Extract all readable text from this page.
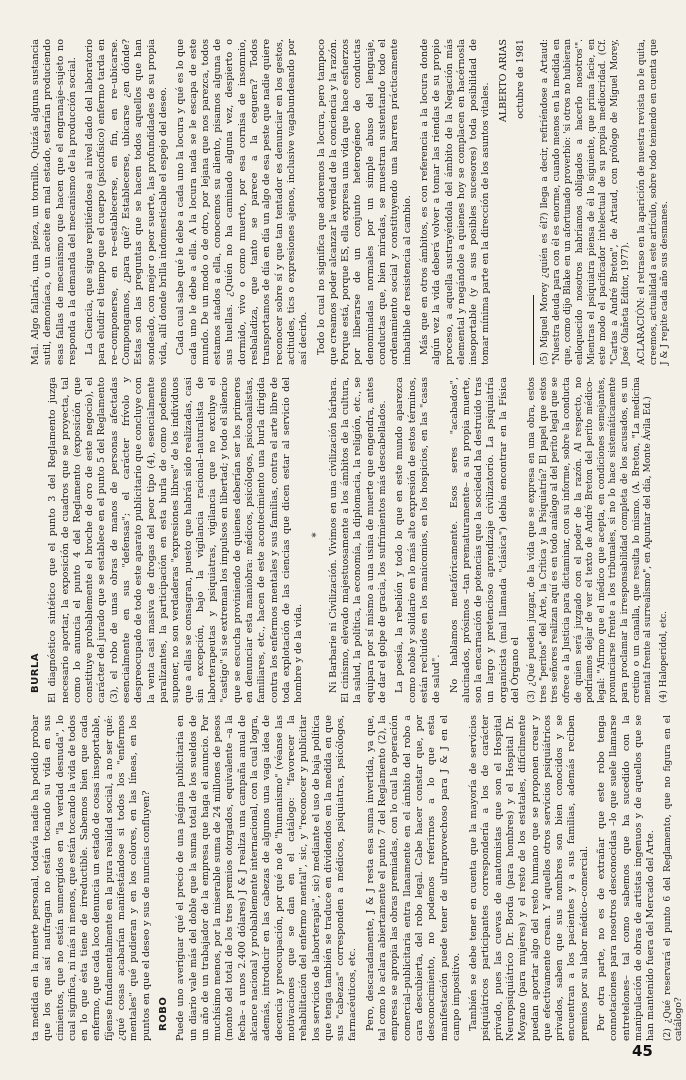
ta medida en la muerte personal, todavía nadie ha podido probar que los que así naufragan no están tocando su vida en sus cimientos, que no están sumergidos en "la verdad desnuda", lo cual significa, ni más ni menos, que están tocando la vida de todos en lo que ésta tiene de irreductible. Sabemos bien que cada enfermo, que cada loco denuncia un estado de cosas insoportable, fíjense fundamentalmente en la pura realidad social, a no ser qué: ¿qué cosas acabarían manifestándose si todos los "enfermos mentales" qué pudieran y en los colores, en las líneas, en los puntos en que el deseo y sus de nuncias confluyen? ROBO Puede uno averiguar qué el precio de una página publicitaria en un diario vale más del doble que la suma total de los sueldos de un año de un trabajador de la empresa que haga el anuncio. Por muchísimo menos, por la miserable suma de 24 millones de pesos (monto del total de los tres premios otorgados, equivalente –a la fecha– a unos 2.400 dólares) J & J realiza una campaña anual de alcance nacional y probablemente internacional, con la cual logra, además, introducir en las cabezas de algunos una vaga idea de decencia y preocupación, por qué no de "humanismo" (véanse las motivaciones que se dan en el catálogo: "favorecer la rehabilitación del enfermo mental", sic, y "reconocer y publicitar los servicios de laborterapia", sic) mediante el uso de baja política que tenga también se traduce en dividendos en la medida en que sus "cabezas" corresponden a médicos, psiquiatras, psicólogos, farmacéuticos, etc. Pero, descaradamente, J & J resta esa suma invertida, ya que, tal como lo aclara abiertamente el punto 7 del Reglamento (2), la empresa se apropia las obras premiadas, con lo cual la operación comercial–publicitaria entra llanamente en el ámbito del robo a cara descubierta, del robo legal. Cabe hacer constar que, por desconocimiento, no podemos referirnos a lo que esta manifestación puede tener de ultraprovechoso para J & J en el campo impositivo. También se debe tener en cuenta que la mayoría de servicios psiquiátricos participantes correspondería a los de carácter privado, pues las cuevas de anatomistas que son el Hospital Neuropsiquiátrico Dr. Borda (para hombres) y el Hospital Dr. Moyano (para mujeres) y el resto de los estatales, difícilmente puedan aportar algo del resto humano que se proponen crear y que efectivamente crean. Y aquellos otros servicios psiquiátricos privados, saben que sus nombres son bien conocidos y se encuentran a los pacientes y a sus familias, además reciben premios por su labor médico–comercial. Por otra parte, no es de extrañar que este robo tenga connotaciones para nosotros desconocidas –lo que suele llamarse entretelones– tal como sabemos que ha sucedido con la manipulación de obras de artistas ingenuos y de aquellos que se han mantenido fuera del Mercado del Arte. (2) ¿Qué reservará el punto 6 del Reglamento, que no figura en el catálogo?

BURLA El diagnóstico sintético que el punto 3 del Reglamento juzga necesario aportar, la exposición de cuadros que se proyecta, tal como lo anuncia el punto 4 del Reglamento (exposición que constituye probablemente el broche de oro de este negocio), el carácter del jurado que se establece en el punto 5 del Reglamento (3), el robo de unas obras de manos de personas afectadas esencialmente en sus "defensas"; el carácter frívolo y despreocupado de todo este aparato publicitario que concluye con la venta casi masiva de drogas del peor tipo (4), esencialmente paralizantes, la participación en esta burla de como podemos suponer, no son verdaderas "expresiones libres" de los individuos que a ellas se consagran, puesto que habrán sido realizadas, casi sin excepción, bajo la vigilancia racional–naturalista de laborterapeutas y psiquiatras, vigilancia que no excluye el "castigo" si se extreman los impulsos en libertad; y todo el silencio que se escucha proviniendo de quienes deberían ser los primeros en denunciar esta maniobra: médicos, psicólogos, psicoanalistas, familiares, etc., hacen de este acontecimiento una burla dirigida contra los enfermos mentales y sus familias, contra el arte libre de toda explotación de las ciencias que dicen estar al servicio del hombre y de la vida.

* Ni Barbarie ni Civilización. Vivimos en una civilización bárbara. El cinismo, elevado majestuosamente a los ámbitos de la cultura, la salud, la política, la economía, la diplomacia, la religión, etc., se equipara por sí mismo a una usina de muerte que engendra, antes de dar el golpe de gracia, los sufrimientos más descabellados. La poesía, la rebelión y todo lo que en este mundo aparezca como noble y solidario en lo más alto expresión de estos términos, están recluidos en los manicomios, en los hospicios, en las "casas de salud". No hablamos metafóricamente. Esos seres "acabados", alucinados, prósimos –tan prematuramente– a su propia muerte, son la encarnación de potencias que la sociedad ha destruido tras un largo y pretencioso aprendizaje civilizatorio. La psiquiatría organicista (mal llamada "clásica") debía encontrar en la Física del Órgano el (3) ¿Qué pueden juzgar, de la vida que se expresa en una obra, estos tres "peritos" del Arte, la Crítica y la Psiquiatría? El papel que estos tres señores realizan aquí es en todo análogo al del perito legal que se ofrece a la Justicia para dictaminar, con su informe, sobre la conducta de quien será juzgado con el poder de la razón. Al respecto, no podríamos dejar de ver el texto de André Breton del perito médico–legal: "Afirmo que el médico que acepta, en condiciones semejantes, pronunciarse frente a los tribunales, si no lo hace sistemáticamente para proclamar la irresponsabilidad completa de los acusados, es un cretino o un canalla, que resulta lo mismo. (A. Breton, "La medicina mental frente al surrealismo", en Apuntar del día, Monte Ávila Ed.) (4) Haloperidol, etc.

Mal. Algo fallaría, una pieza, un tornillo. Quizás alguna sustancia sutil, demoníaca, o un aceite en mal estado, estarían produciendo esas fallas de mecanismo que hacen que el engranaje–sujeto no responda a la demanda del mecanismo de la producción social. La Ciencia, que sigue repitiéndose al nivel dado del laboratorio para eludir el tiempo que el cuerpo (psicofísico) enfermo tarda en re–componerse, en re–establecerse, en fin, en re–ubicarse. Compongamos, ¿para qué? Establecerse, ubicarse ¿en dónde? Estas son las preguntas que se hacen todos aquellos que han sondeado, con mejor o peor suerte, las profundidades de su propia vida, allí donde brilla indomesticable el espejo del deseo. Cada cual sabe qué le debe a cada uno la locura y qué es lo que cada uno le debe a ella. A la locura nada se le escapa de este mundo. De un modo o de otro, por lejana que nos parezca, todos estamos atados a ella, conocemos su aliento, pisamos alguna de sus huellas. ¿Quién no ha caminado alguna vez, despierto o dormido, vivo o como muerto, por esa cornisa de insomnio, resbaladiza, que tanto se parece a la ceguera? Todos transportamos de día en día un algo de esa peste que nadie quiere reconocer sobre sí y que tan tentador es denunciar en los gestos, actitudes, tics o expresiones ajenos, inclusive vagabundeando por así decirlo. Todo lo cual no significa que adoremos la locura, pero tampoco que creamos poder alcanzar la verdad de la conciencia y la razón. Porque está, porque ES, ella expresa una vida que hace esfuerzos por liberarse de un conjunto heterogéneo de conductas denominadas normales por un simple abuso del lenguaje, conductas que, bien miradas, se muestran sustentando todo el ordenamiento social y constituyendo una barrera prácticamente imbatible de resistencia al cambio. Más que en otros ámbitos, es con referencia a la locura donde algún vez la vida deberá volver a tomar las riendas de su propio proceso, a aquella sustrayéndola del ámbito de la Negación más elemental y negándole a quienes hoy se complacen en hacérnosla insoportable (y a sus posibles sucesores) toda posibilidad de tomar mínima parte en la dirección de los asuntos vitales.

ALBERTO ARIAS octubre de 1981 (5) Miguel Morey ¿quién es él?) llega a decir, refiriéndose a Artaud: "Nuestra deuda para con él es enorme, cuando menos en la medida en que, como dijo Blake en un afortunado proverbio: 'si otros no hubieran enloquecido nosotros habríamos obligados a hacerlo nosotros'". Mientras el psiquiatra piensa de él lo siguiente, que prima facie, en este modo el pacificador intelectual de su propia mediocridad. (Cf. "Cartas a André Breton", de Artaud, con prólogo de Miguel Morey, José Olañeta Editor, 1977). ACLARACIÓN: el retraso en la aparición de nuestra revista no le quita, creemos, actualidad a este artículo, sobre todo teniendo en cuenta que J & J repite cada año sus desmanes.

45
